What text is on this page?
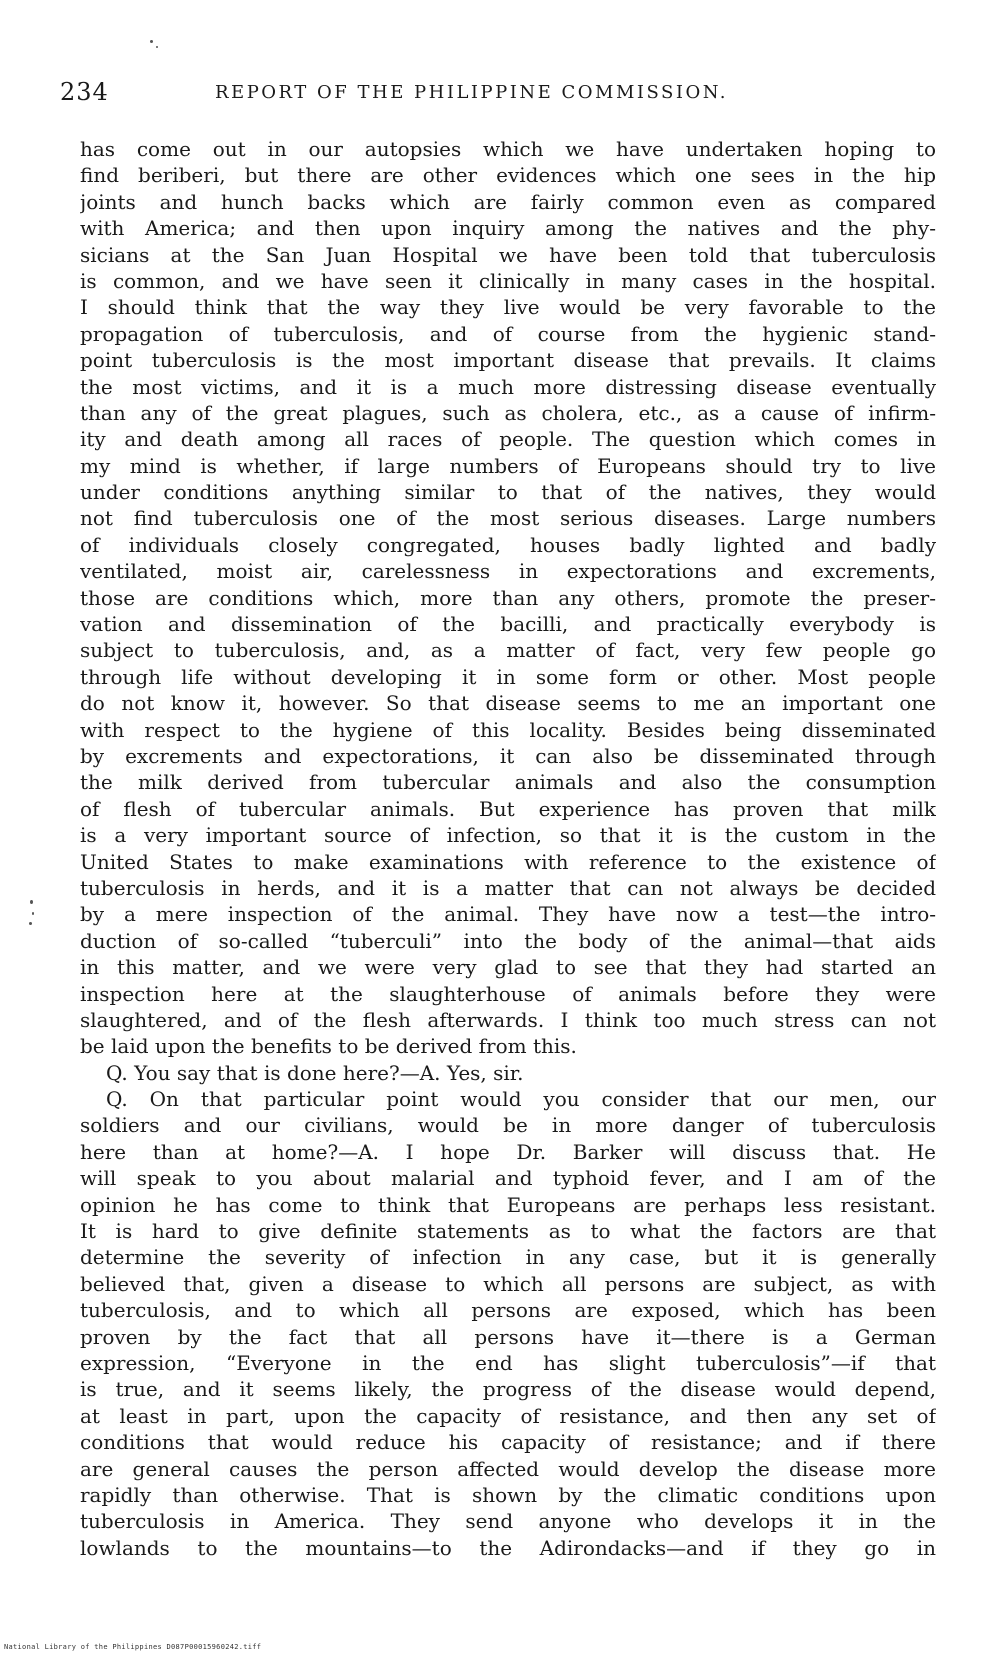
234	REPORT OF THE PHILIPPINE COMMISSION.
has come out in our autopsies which we have undertaken hoping to
find beriberi, but there are other evidences which one sees in the hip
joints and hunch backs which are fairly common even as compared
with America; and then upon inquiry among the natives and the phy-
sicians at the San Juan Hospital we have been told that tuberculosis
is common, and we have seen it clinically in many cases in the hospital.
I should think that the way they live would be very favorable to the
propagation of tuberculosis, and of course from the hygienic stand-
point tuberculosis is the most important disease that prevails. It claims
the most victims, and it is a much more distressing disease eventually
than any of the great plagues, such as cholera, etc., as a cause of infirm-
ity and death among all races of people. The question which comes in
my mind is whether, if large numbers of Europeans should try to live
under conditions anything similar to that of the natives, they would
not find tuberculosis one of the most serious diseases. Large numbers
of individuals closely congregated, houses badly lighted and badly
ventilated, moist air, carelessness in expectorations and excrements,
those are conditions which, more than any others, promote the preser-
vation and dissemination of the bacilli, and practically everybody is
subject to tuberculosis, and, as a matter of fact, very few people go
through life without developing it in some form or other. Most people
do not know it, however. So that disease seems to me an important one
with respect to the hygiene of this locality. Besides being disseminated
by excrements and expectorations, it can also be disseminated through
the milk derived from tubercular animals and also the consumption
of flesh of tubercular animals. But experience has proven that milk
is a very important source of infection, so that it is the custom in the
United States to make examinations with reference to the existence of
tuberculosis in herds, and it is a matter that can not always be decided
by a mere inspection of the animal. They have now a test—the intro-
duction of so-called “tuberculi” into the body of the animal—that aids
in this matter, and we were very glad to see that they had started an
inspection here at the slaughterhouse of animals before they were
slaughtered, and of the flesh afterwards. I think too much stress can not
be laid upon the benefits to be derived from this.
Q. You say that is done here?—A. Yes, sir.
Q. On that particular point would you consider that our men, our
soldiers and our civilians, would be in more danger of tuberculosis
here than at home?—A. I hope Dr. Barker will discuss that. He
will speak to you about malarial and typhoid fever, and I am of the
opinion he has come to think that Europeans are perhaps less resistant.
It is hard to give definite statements as to what the factors are that
determine the severity of infection in any case, but it is generally
believed that, given a disease to which all persons are subject, as with
tuberculosis, and to which all persons are exposed, which has been
proven by the fact that all persons have it—there is a German
expression, “Everyone in the end has slight tuberculosis”—if that
is true, and it seems likely, the progress of the disease would depend,
at least in part, upon the capacity of resistance, and then any set of
conditions that would reduce his capacity of resistance; and if there
are general causes the person affected would develop the disease more
rapidly than otherwise. That is shown by the climatic conditions upon
tuberculosis in America. They send anyone who develops it in the
lowlands to the mountains—to the Adirondacks—and if they go in
National Library of the Philippines D087P00015960242.tiff
